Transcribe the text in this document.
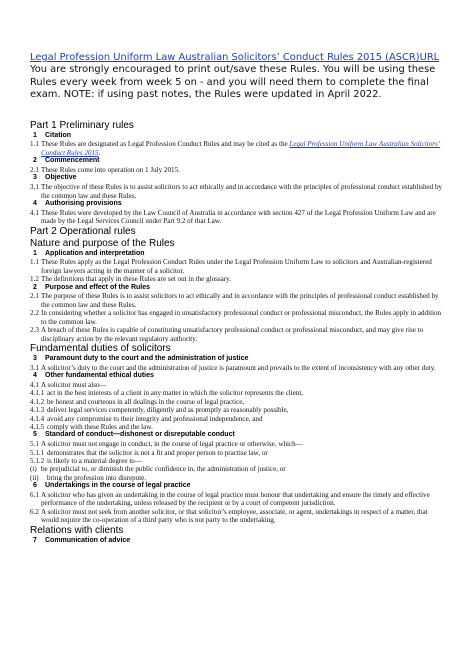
Legal Profession Uniform Law Australian Solicitors’ Conduct Rules 2015 (ASCR)URL

You are strongly encouraged to print out/save these Rules. You will be using these Rules every week from week 5 on - and you will need them to complete the final exam. NOTE: if using past notes, the Rules were updated in April 2022.

Part 1 Preliminary rules
1 Citation
1.1 These Rules are designated as Legal Profession Conduct Rules and may be cited as the Legal Profession Uniform Law Australian Solicitors’ Conduct Rules 2015.
2 Commencement
2.1 These Rules come into operation on 1 July 2015.
3 Objective
3.1 The objective of these Rules is to assist solicitors to act ethically and in accordance with the principles of professional conduct established by the common law and these Rules.
4 Authorising provisions
4.1 These Rules were developed by the Law Council of Australia in accordance with section 427 of the Legal Profession Uniform Law and are made by the Legal Services Council under Part 9.2 of that Law.
Part 2 Operational rules
Nature and purpose of the Rules
1 Application and interpretation
1.1 These Rules apply as the Legal Profession Conduct Rules under the Legal Profession Uniform Law to solicitors and Australian-registered foreign lawyers acting in the manner of a solicitor.
1.2 The definitions that apply in these Rules are set out in the glossary.
2 Purpose and effect of the Rules
2.1 The purpose of these Rules is to assist solicitors to act ethically and in accordance with the principles of professional conduct established by the common law and these Rules.
2.2 In considering whether a solicitor has engaged in unsatisfactory professional conduct or professional misconduct, the Rules apply in addition to the common law.
2.3 A breach of these Rules is capable of constituting unsatisfactory professional conduct or professional misconduct, and may give rise to disciplinary action by the relevant regulatory authority.
Fundamental duties of solicitors
3 Paramount duty to the court and the administration of justice
3.1 A solicitor’s duty to the court and the administration of justice is paramount and prevails to the extent of inconsistency with any other duty.
4 Other fundamental ethical duties
4.1 A solicitor must also—
4.1.1 act in the best interests of a client in any matter in which the solicitor represents the client,
4.1.2 be honest and courteous in all dealings in the course of legal practice,
4.1.3 deliver legal services competently, diligently and as promptly as reasonably possible,
4.1.4 avoid any compromise to their integrity and professional independence, and
4.1.5 comply with these Rules and the law.
5 Standard of conduct—dishonest or disreputable conduct
5.1 A solicitor must not engage in conduct, in the course of legal practice or otherwise, which—
5.1.1 demonstrates that the solicitor is not a fit and proper person to practise law, or
5.1.2 is likely to a material degree to—
(i) be prejudicial to, or diminish the public confidence in, the administration of justice, or
(ii) bring the profession into disrepute.
6 Undertakings in the course of legal practice
6.1 A solicitor who has given an undertaking in the course of legal practice must honour that undertaking and ensure the timely and effective performance of the undertaking, unless released by the recipient or by a court of competent jurisdiction.
6.2 A solicitor must not seek from another solicitor, or that solicitor’s employee, associate, or agent, undertakings in respect of a matter, that would require the co-operation of a third party who is not party to the undertaking.
Relations with clients
7 Communication of advice
